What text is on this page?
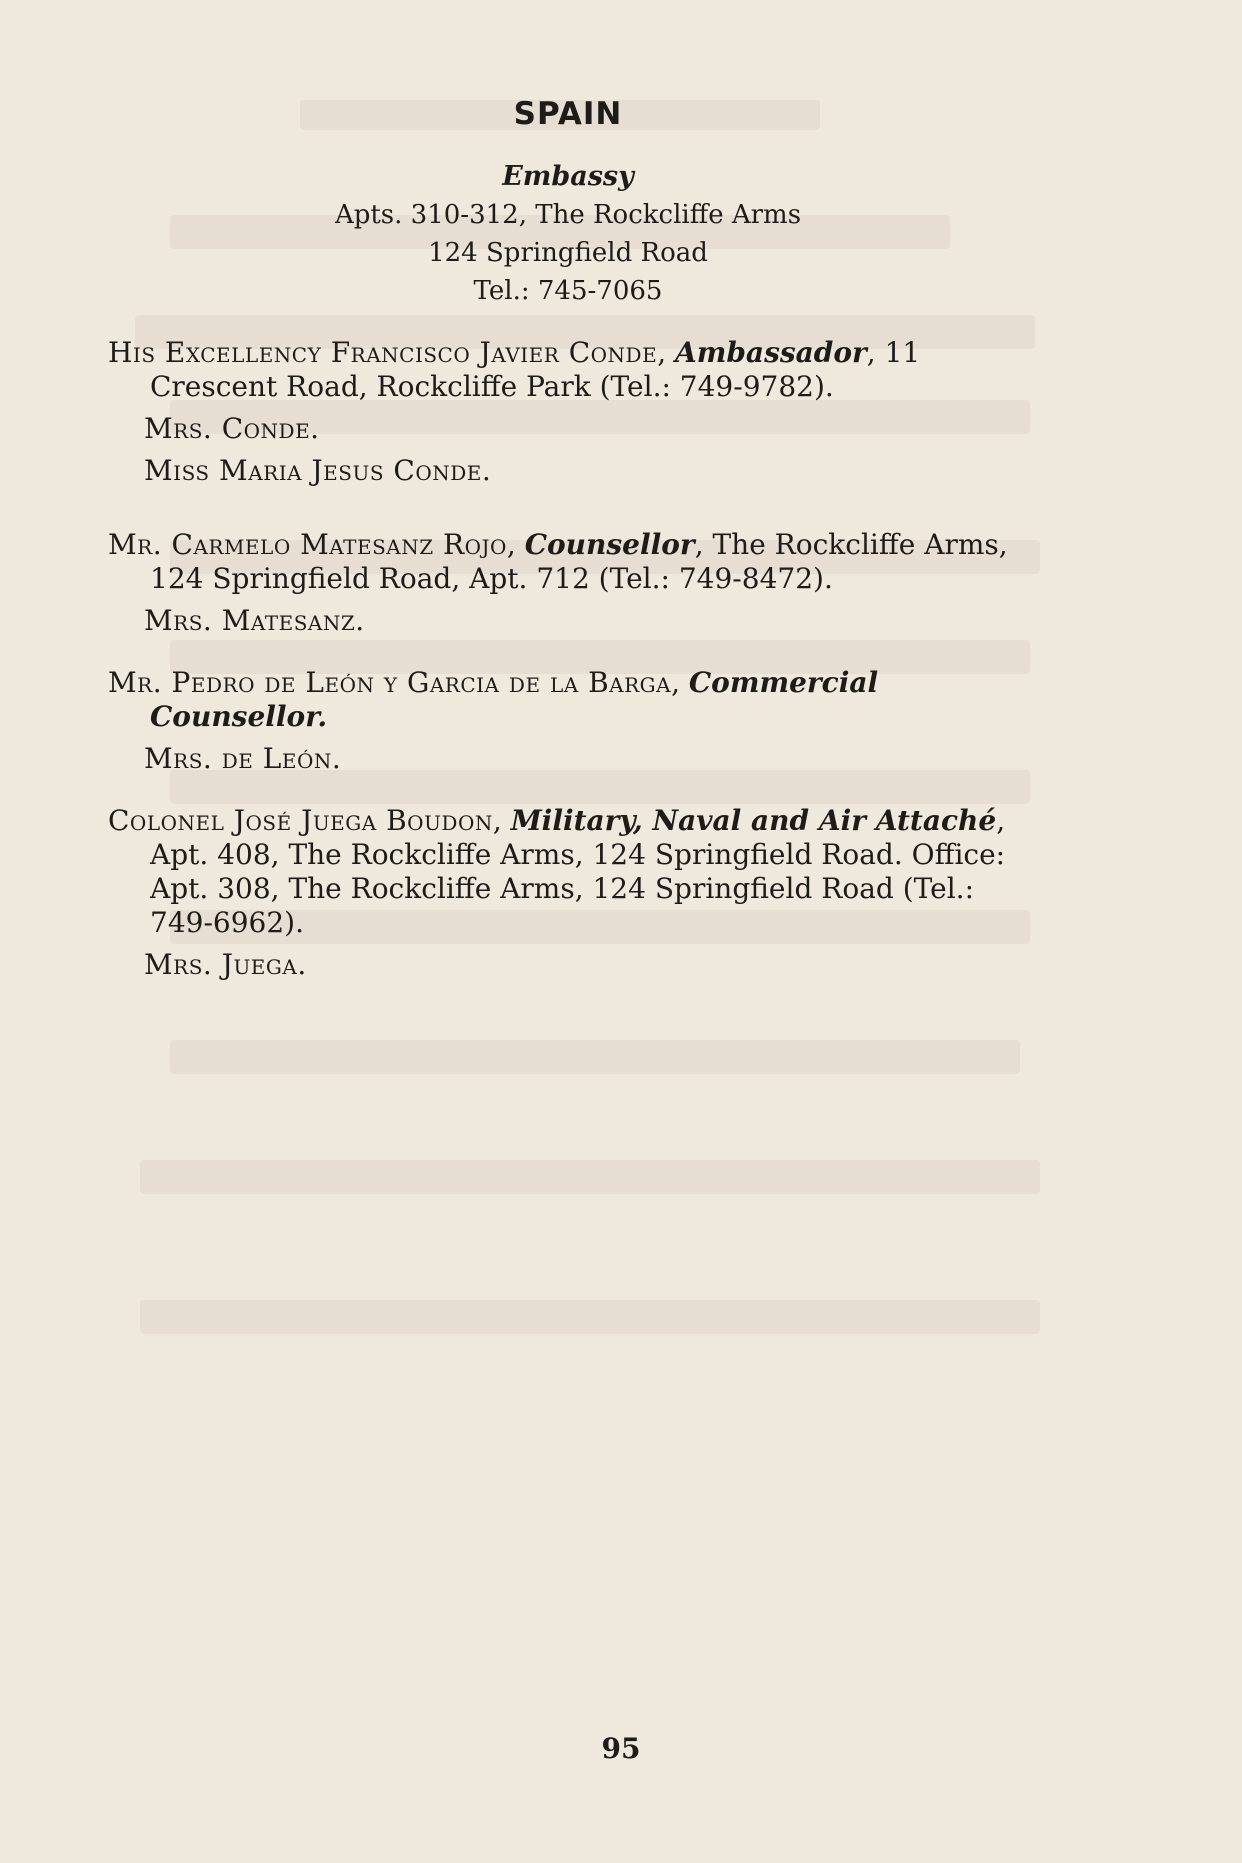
SPAIN
Embassy
Apts. 310-312, The Rockcliffe Arms
124 Springfield Road
Tel.: 745-7065
His Excellency Francisco Javier Conde, Ambassador, 11 Crescent Road, Rockcliffe Park (Tel.: 749-9782).
Mrs. Conde.
Miss Maria Jesus Conde.
Mr. Carmelo Matesanz Rojo, Counsellor, The Rockcliffe Arms, 124 Springfield Road, Apt. 712 (Tel.: 749-8472).
Mrs. Matesanz.
Mr. Pedro de León y Garcia de la Barga, Commercial Counsellor.
Mrs. de León.
Colonel José Juega Boudon, Military, Naval and Air Attaché, Apt. 408, The Rockcliffe Arms, 124 Springfield Road. Office: Apt. 308, The Rockcliffe Arms, 124 Springfield Road (Tel.: 749-6962).
Mrs. Juega.
95
